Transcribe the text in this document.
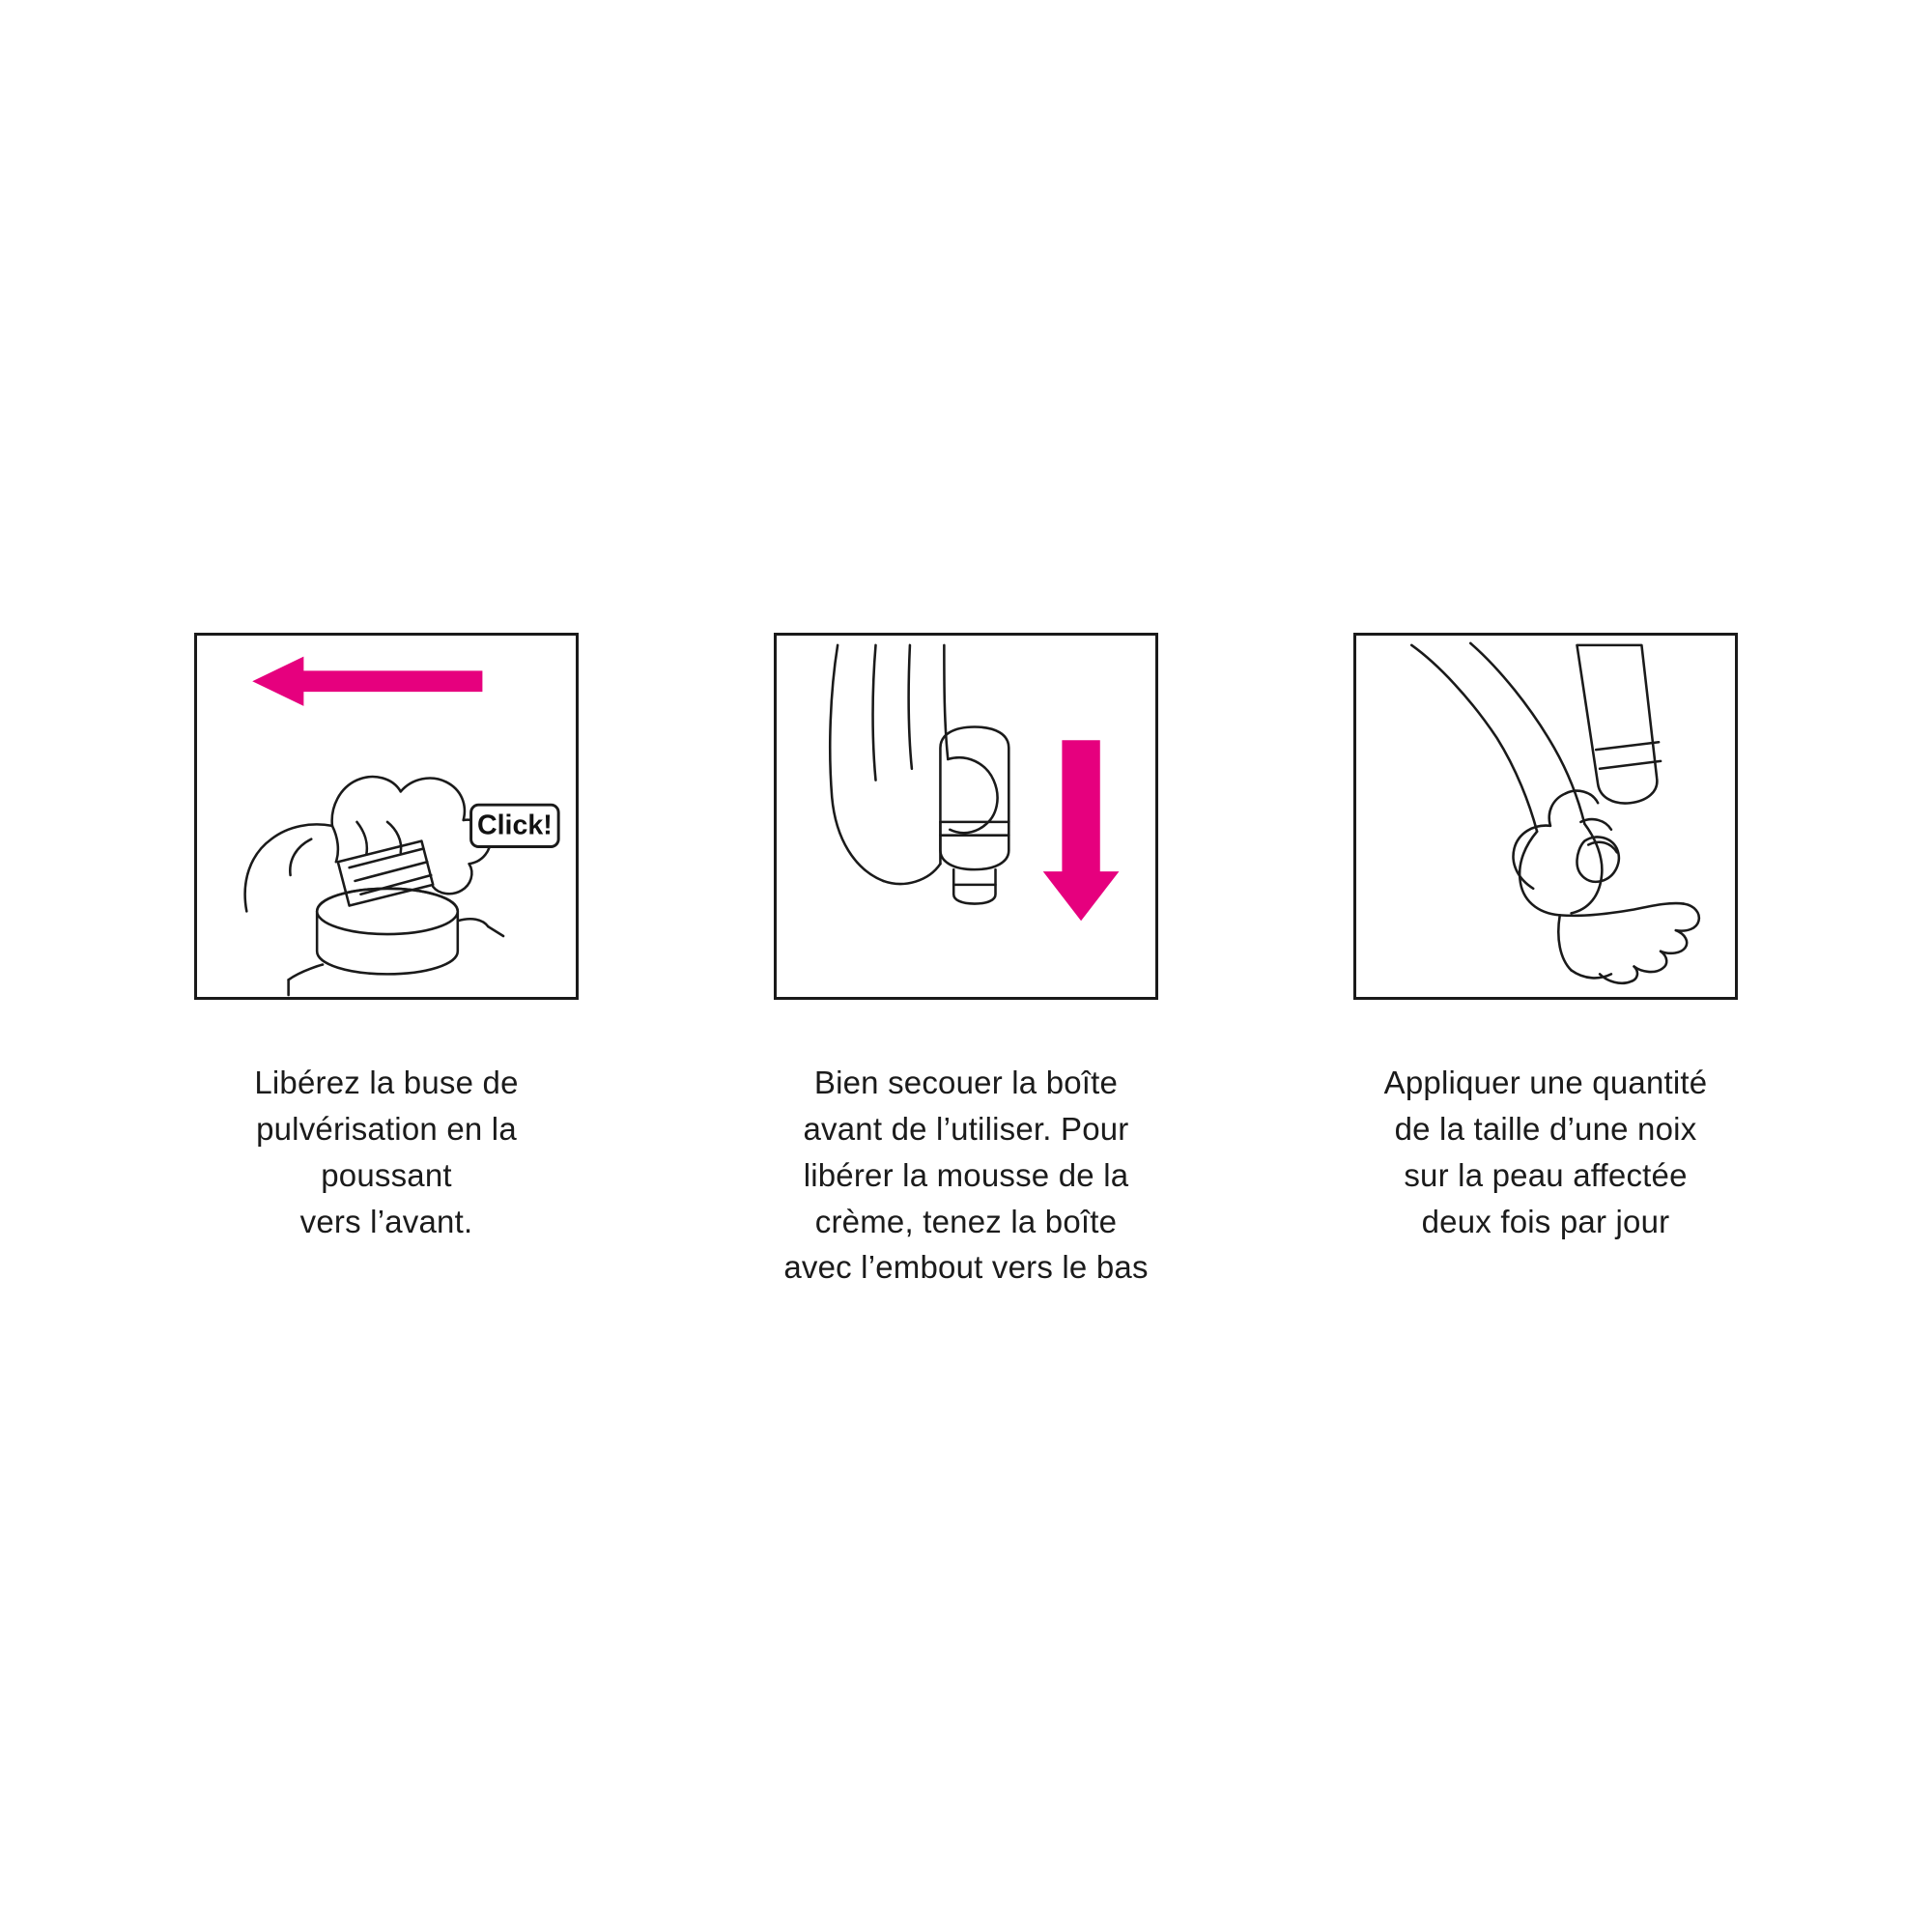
Click!
Libérez la buse de
pulvérisation en la
poussant
vers l’avant.
Bien secouer la boîte
avant de l’utiliser. Pour
libérer la mousse de la
crème, tenez la boîte
avec l’embout vers le bas
Appliquer une quantité
de la taille d’une noix
sur la peau affectée
deux fois par jour
